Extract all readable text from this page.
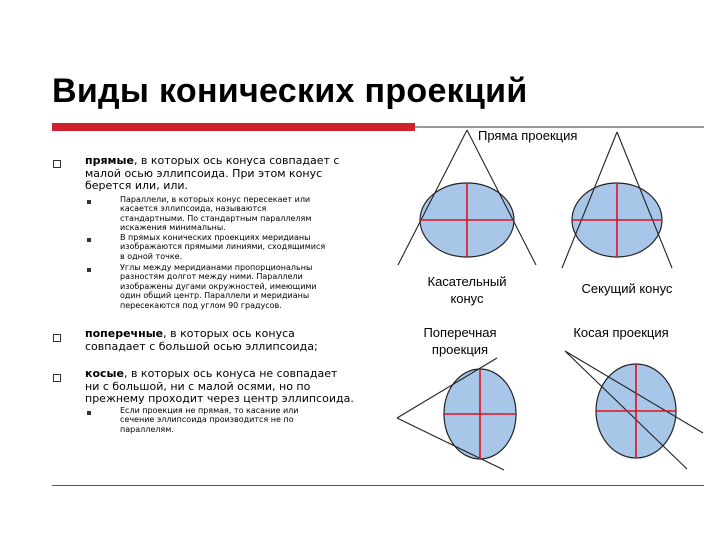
Виды конических проекций
Пряма проекция
прямые, в которых ось конуса совпадает с
малой осью эллипсоида. При этом конус
берется или, или.
Параллели, в которых конус пересекает или
касается эллипсоида, называются
стандартными. По стандартным параллелям
искажения минимальны.
В прямых конических проекциях меридианы
изображаются прямыми линиями, сходящимися
в одной точке.
Углы между меридианами пропорциональны
разностям долгот между ними. Параллели
изображены дугами окружностей, имеющими
один общий центр. Параллели и меридианы
пересекаются под углом 90 градусов.
поперечные, в которых ось конуса
совпадает с большой осью эллипсоида;
косые, в которых ось конуса не совпадает
ни с большой, ни с малой осями, но по
прежнему проходит через центр эллипсоида.
Если проекция не прямая, то касание или
сечение эллипсоида производится не по
параллелям.
Касательный
конус
Секущий конус
Поперечная
проекция
Косая проекция
